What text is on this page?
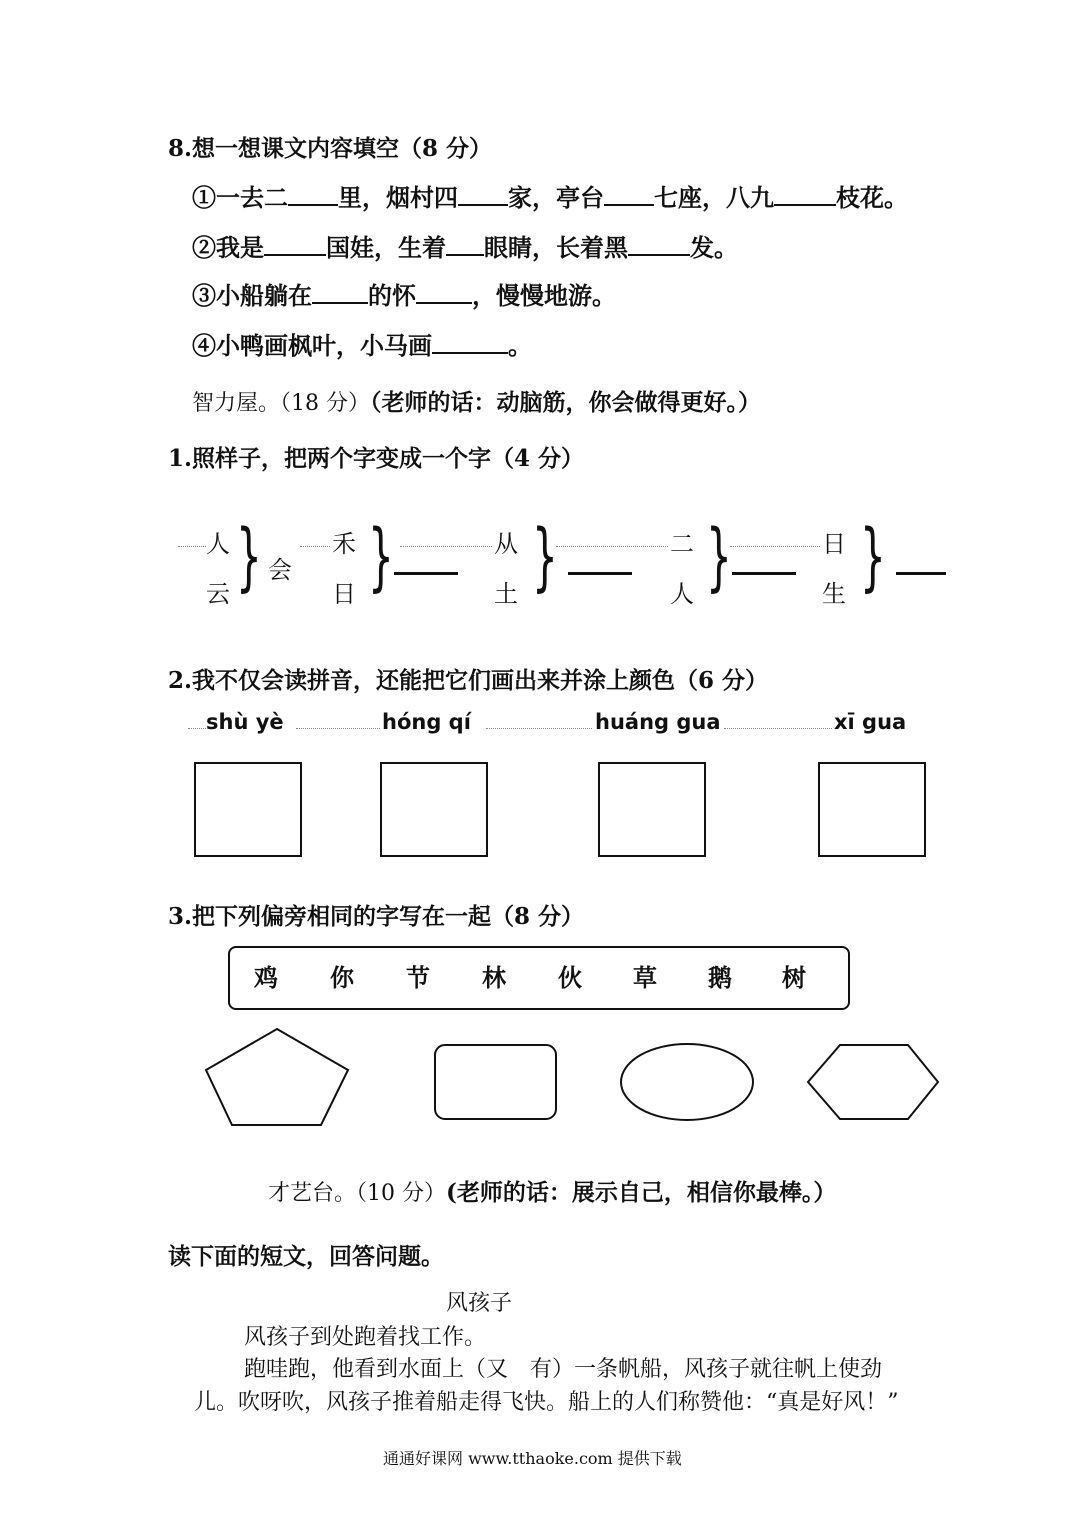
8.想一想课文内容填空（8 分）
①一去二 里，烟村四 家，亭台 七座，八九	枝花。
②我是	国娃，生着 眼睛，长着黑	发。
③小船躺在 的怀 ，慢慢地游。
④小鸭画枫叶，小马画	。
智力屋。（18 分）（老师的话：动脑筋，你会做得更好。）
1.照样子，把两个字变成一个字（4 分）
人
云 } 会
禾
日 }	从
土 }	二
人 }	日
生 }
2.我不仅会读拼音，还能把它们画出来并涂上颜色（6 分）
shù yè	hóng qí	huáng gua	xī gua
3.把下列偏旁相同的字写在一起（8 分）
鸡 你 节 林 伙 草 鹅 树
才艺台。（10 分）(老师的话：展示自己，相信你最棒。）
读下面的短文，回答问题。
风孩子
风孩子到处跑着找工作。
跑哇跑，他看到水面上（又　有）一条帆船，风孩子就往帆上使劲
儿。吹呀吹，风孩子推着船走得飞快。船上的人们称赞他：“真是好风！”
通通好课网 www.tthaoke.com 提供下载
